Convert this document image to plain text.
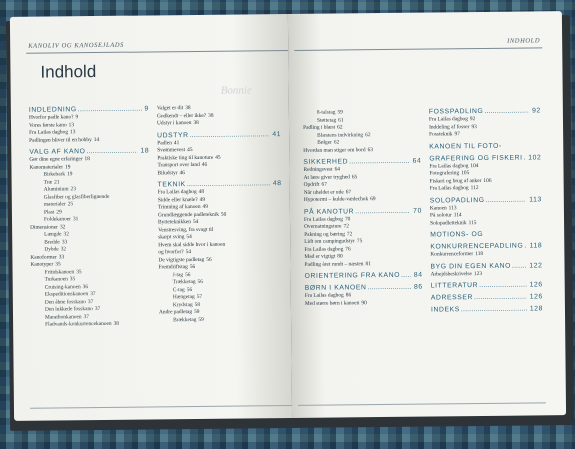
KANOLIV OG KANOSEJLADS
Indhold
Bonnie
INDLEDNING .....	9
Hvorfor padle kano? 9
Vores første kano 13
Fra Lailas dagbog 13
Padlingen bliver til en hobby 14
VALG AF KANO .....	18
Gør dine egne erfaringer 18
Kanomaterialer 19
Birkebark 19
Træ 21
Aluminium 23
Glasfiber og glasfiberlignende
materialer 25
Plast 29
Foldekanoer 31
Dimensioner 32
Længde 32
Bredde 33
Dybde 32
Kanoformer 33
Kanotyper 35
Fritidskanoen 35
Turkanoen 35
Cruising-kanoen 36
Ekspeditionskanoen 37
Den åbne fosskano 37
Den lukkede fosskano 37
Marathonkanoen 37
Fladvands-konkurrencekanoen 38
Valget er dit 38
Godkendt – eller ikke? 38
Udstyr i kanoen 38
UDSTYR .....	41
Padlen 41
Svømmevest 45
Praktiske ting til kanoture 45
Transport over land 46
Biludstyr 46
TEKNIK .....	48
Fra Lailas dagbog 48
Sidde eller knæle? 49
Trimning af kanoen 49
Grundlæggende padleteknik 50
Bytteteknikken 54
Venstresving, fra svagt til
skarpt sving 54
Hvem skal sidde hvor i kanoen
og hvorfor? 54
De vigtigste padletag 56
Fremdriftstag 56
J-tag 56
Trækketag 56
C-tag 56
Hængetag 57
Krydstag 58
Andre padletag 59
Brækketag 59
INDHOLD
8-talstag 59
Støttetag 61
Padling i blæst 62
Blæstens indvirkning 62
Bølger 62
Hvordan man stiger om bord 63
SIKKERHED .....	64
Redningsvest 64
At lære giver tryghed 65
Opdrift 67
Når uheldet er ude 67
Hypotermi – kulde-vædechok 69
PÅ KANOTUR .....	70
Fra Lailas dagbog 70
Overnatningsture 72
Pakning og bæring 72
Lidt om campingudstyr 75
Fra Lailas dagbog 76
Mad er vigtigt 80
Padling året rundt – næsten 81
ORIENTERING FRA KANO ..... 84
BØRN I KANOEN .....	86
Fra Lailas dagbog 86
Med større børn i kanoen 90
FOSSPADLING .....	92
Fra Lailas dagbog 92
Inddeling af fosser 93
Fossteknik 97
KANOEN TIL FOTO-
GRAFERING OG FISKERI ..... 102
Fra Lailas dagbog 104
Fotografering 105
Fiskeri og brug af anker 106
Fra Lailas dagbog 112
SOLOPADLING .....	113
Kanoen 113
På solotur 114
Solopadletteknik 115
MOTIONS- OG
KONKURRENCEPADLING ..... 118
Konkurrenceformer 118
BYG DIN EGEN KANO .....	122
Arbejdsbeskrivelse 123
LITTERATUR .....	126
ADRESSER .....	126
INDEKS .....	128
